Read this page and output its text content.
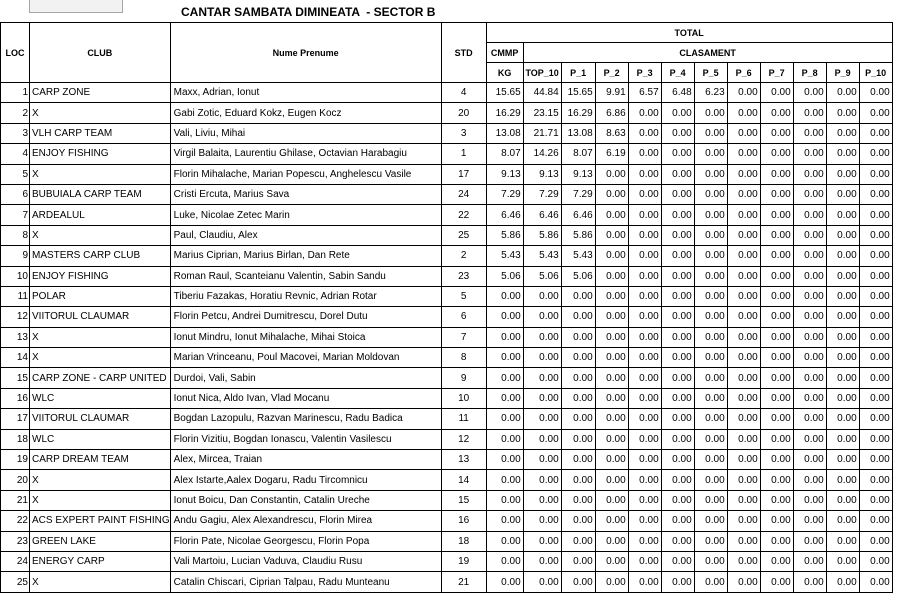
CANTAR SAMBATA DIMINEATA  - SECTOR B
LOC	CLUB	Nume Prenume	STD	TOTAL											
				CMMP	CLASAMENT										
				KG	TOP_10	P_1	P_2	P_3	P_4	P_5	P_6	P_7	P_8	P_9	P_10
1	CARP ZONE	Maxx, Adrian, Ionut	4	15.65	44.84	15.65	9.91	6.57	6.48	6.23	0.00	0.00	0.00	0.00	0.00
2	X	Gabi Zotic, Eduard Kokz, Eugen Kocz	20	16.29	23.15	16.29	6.86	0.00	0.00	0.00	0.00	0.00	0.00	0.00	0.00
3	VLH CARP TEAM	Vali, Liviu, Mihai	3	13.08	21.71	13.08	8.63	0.00	0.00	0.00	0.00	0.00	0.00	0.00	0.00
4	ENJOY FISHING	Virgil Balaita, Laurentiu Ghilase, Octavian Harabagiu	1	8.07	14.26	8.07	6.19	0.00	0.00	0.00	0.00	0.00	0.00	0.00	0.00
5	X	Florin Mihalache, Marian Popescu, Anghelescu Vasile	17	9.13	9.13	9.13	0.00	0.00	0.00	0.00	0.00	0.00	0.00	0.00	0.00
6	BUBUIALA CARP TEAM	Cristi Ercuta, Marius Sava	24	7.29	7.29	7.29	0.00	0.00	0.00	0.00	0.00	0.00	0.00	0.00	0.00
7	ARDEALUL	Luke, Nicolae Zetec Marin	22	6.46	6.46	6.46	0.00	0.00	0.00	0.00	0.00	0.00	0.00	0.00	0.00
8	X	Paul, Claudiu, Alex	25	5.86	5.86	5.86	0.00	0.00	0.00	0.00	0.00	0.00	0.00	0.00	0.00
9	MASTERS CARP CLUB	Marius Ciprian, Marius Birlan, Dan Rete	2	5.43	5.43	5.43	0.00	0.00	0.00	0.00	0.00	0.00	0.00	0.00	0.00
10	ENJOY FISHING	Roman Raul, Scanteianu Valentin, Sabin Sandu	23	5.06	5.06	5.06	0.00	0.00	0.00	0.00	0.00	0.00	0.00	0.00	0.00
11	POLAR	Tiberiu Fazakas, Horatiu Revnic, Adrian Rotar	5	0.00	0.00	0.00	0.00	0.00	0.00	0.00	0.00	0.00	0.00	0.00	0.00
12	VIITORUL CLAUMAR	Florin Petcu, Andrei Dumitrescu, Dorel Dutu	6	0.00	0.00	0.00	0.00	0.00	0.00	0.00	0.00	0.00	0.00	0.00	0.00
13	X	Ionut Mindru, Ionut Mihalache, Mihai Stoica	7	0.00	0.00	0.00	0.00	0.00	0.00	0.00	0.00	0.00	0.00	0.00	0.00
14	X	Marian Vrinceanu, Poul Macovei, Marian Moldovan	8	0.00	0.00	0.00	0.00	0.00	0.00	0.00	0.00	0.00	0.00	0.00	0.00
15	CARP ZONE - CARP UNITED	Durdoi, Vali, Sabin	9	0.00	0.00	0.00	0.00	0.00	0.00	0.00	0.00	0.00	0.00	0.00	0.00
16	WLC	Ionut Nica, Aldo Ivan, Vlad Mocanu	10	0.00	0.00	0.00	0.00	0.00	0.00	0.00	0.00	0.00	0.00	0.00	0.00
17	VIITORUL CLAUMAR	Bogdan Lazopulu, Razvan Marinescu, Radu Badica	11	0.00	0.00	0.00	0.00	0.00	0.00	0.00	0.00	0.00	0.00	0.00	0.00
18	WLC	Florin Vizitiu, Bogdan Ionascu, Valentin Vasilescu	12	0.00	0.00	0.00	0.00	0.00	0.00	0.00	0.00	0.00	0.00	0.00	0.00
19	CARP DREAM TEAM	Alex, Mircea, Traian	13	0.00	0.00	0.00	0.00	0.00	0.00	0.00	0.00	0.00	0.00	0.00	0.00
20	X	Alex Istarte,Aalex Dogaru, Radu Tircomnicu	14	0.00	0.00	0.00	0.00	0.00	0.00	0.00	0.00	0.00	0.00	0.00	0.00
21	X	Ionut Boicu, Dan Constantin, Catalin Ureche	15	0.00	0.00	0.00	0.00	0.00	0.00	0.00	0.00	0.00	0.00	0.00	0.00
22	ACS EXPERT PAINT FISHING	Andu Gagiu, Alex Alexandrescu, Florin Mirea	16	0.00	0.00	0.00	0.00	0.00	0.00	0.00	0.00	0.00	0.00	0.00	0.00
23	GREEN LAKE	Florin Pate, Nicolae Georgescu, Florin Popa	18	0.00	0.00	0.00	0.00	0.00	0.00	0.00	0.00	0.00	0.00	0.00	0.00
24	ENERGY CARP	Vali Martoiu, Lucian Vaduva, Claudiu Rusu	19	0.00	0.00	0.00	0.00	0.00	0.00	0.00	0.00	0.00	0.00	0.00	0.00
25	X	Catalin Chiscari, Ciprian Talpau, Radu Munteanu	21	0.00	0.00	0.00	0.00	0.00	0.00	0.00	0.00	0.00	0.00	0.00	0.00
